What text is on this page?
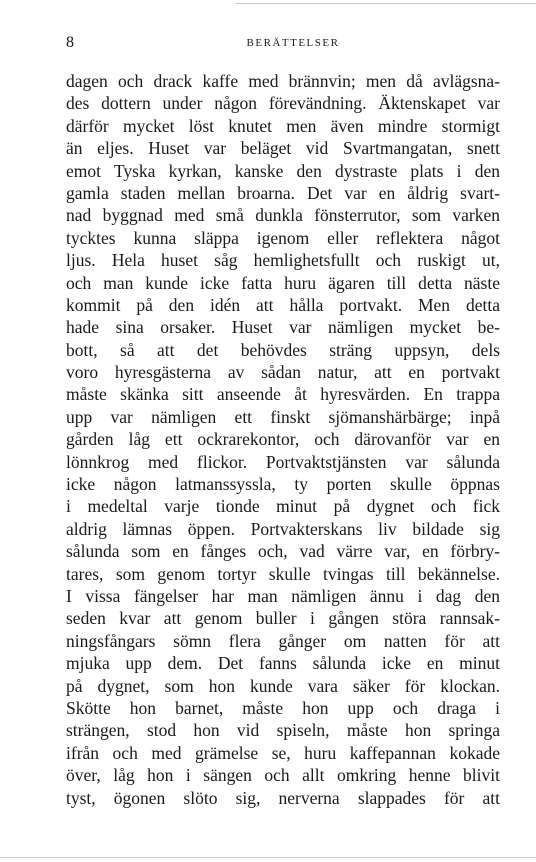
8	BERÄTTELSER
dagen och drack kaffe med brännvin; men då avlägsna-
des dottern under någon förevändning. Äktenskapet var
därför mycket löst knutet men även mindre stormigt
än eljes. Huset var beläget vid Svartmangatan, snett
emot Tyska kyrkan, kanske den dystraste plats i den
gamla staden mellan broarna. Det var en åldrig svart-
nad byggnad med små dunkla fönsterrutor, som varken
tycktes kunna släppa igenom eller reflektera något
ljus. Hela huset såg hemlighetsfullt och ruskigt ut,
och man kunde icke fatta huru ägaren till detta näste
kommit på den idén att hålla portvakt. Men detta
hade sina orsaker. Huset var nämligen mycket be-
bott, så att det behövdes sträng uppsyn, dels
voro hyresgästerna av sådan natur, att en portvakt
måste skänka sitt anseende åt hyresvärden. En trappa
upp var nämligen ett finskt sjömanshärbärge; inpå
gården låg ett ockrarekontor, och därovanför var en
lönnkrog med flickor. Portvaktstjänsten var sålunda
icke någon latmanssyssla, ty porten skulle öppnas
i medeltal varje tionde minut på dygnet och fick
aldrig lämnas öppen. Portvakterskans liv bildade sig
sålunda som en fånges och, vad värre var, en förbry-
tares, som genom tortyr skulle tvingas till bekännelse.
I vissa fängelser har man nämligen ännu i dag den
seden kvar att genom buller i gången störa rannsak-
ningsfångars sömn flera gånger om natten för att
mjuka upp dem. Det fanns sålunda icke en minut
på dygnet, som hon kunde vara säker för klockan.
Skötte hon barnet, måste hon upp och draga i
strängen, stod hon vid spiseln, måste hon springa
ifrån och med grämelse se, huru kaffepannan kokade
över, låg hon i sängen och allt omkring henne blivit
tyst, ögonen slöto sig, nerverna slappades för att
